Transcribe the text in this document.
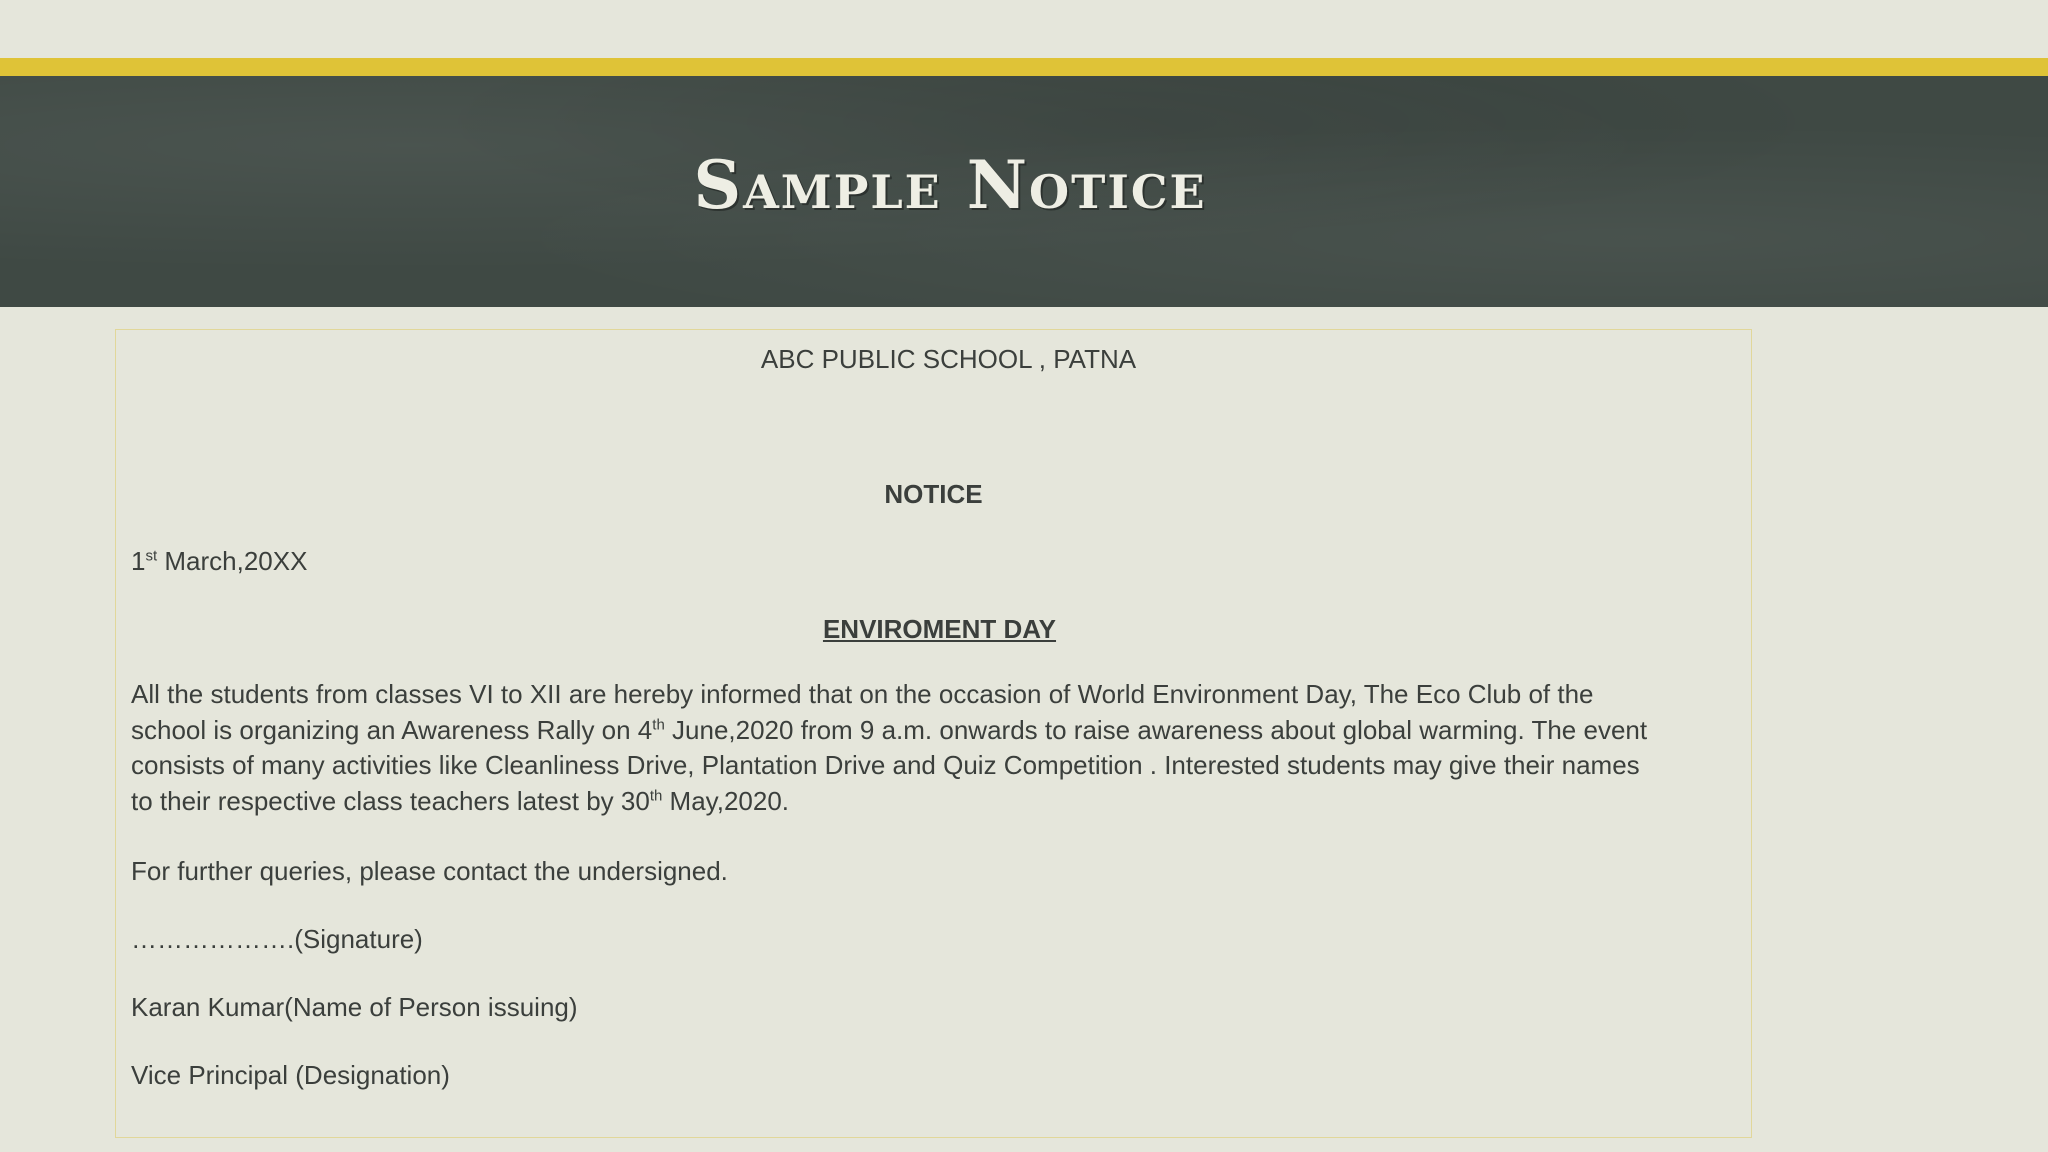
Sample Notice
ABC PUBLIC SCHOOL , PATNA
NOTICE
1st March,20XX
ENVIROMENT DAY
All the students from classes VI to XII are hereby informed that on the occasion of World Environment Day, The Eco Club of the
school is organizing an Awareness Rally on 4th June,2020 from 9 a.m. onwards to raise awareness about global warming. The event
consists of many activities like Cleanliness Drive, Plantation Drive and Quiz Competition . Interested students may give their names
to their respective class teachers latest by 30th May,2020.
For further queries, please contact the undersigned.
……………….(Signature)
Karan Kumar(Name of Person issuing)
Vice Principal (Designation)
